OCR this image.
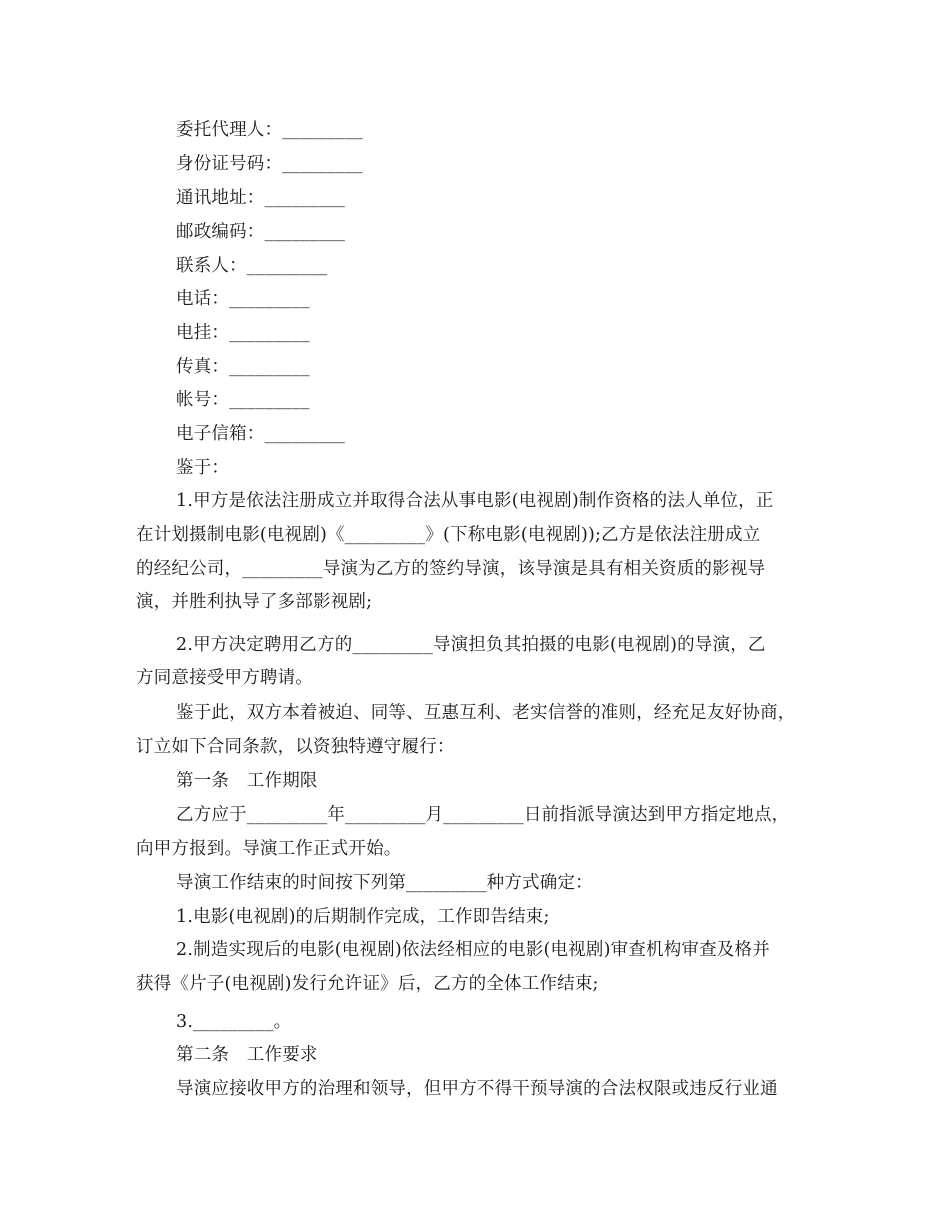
委托代理人：_________
身份证号码：_________
通讯地址：_________
邮政编码：_________
联系人：_________
电话：_________
电挂：_________
传真：_________
帐号：_________
电子信箱：_________
鉴于：
1.甲方是依法注册成立并取得合法从事电影(电视剧)制作资格的法人单位，正
在计划摄制电影(电视剧)《_________》(下称电影(电视剧));乙方是依法注册成立
的经纪公司，_________导演为乙方的签约导演，该导演是具有相关资质的影视导
演，并胜利执导了多部影视剧;
2.甲方决定聘用乙方的_________导演担负其拍摄的电影(电视剧)的导演，乙
方同意接受甲方聘请。
鉴于此，双方本着被迫、同等、互惠互利、老实信誉的准则，经充足友好协商，
订立如下合同条款，以资独特遵守履行：
第一条　工作期限
乙方应于_________年_________月_________日前指派导演达到甲方指定地点，
向甲方报到。导演工作正式开始。
导演工作结束的时间按下列第_________种方式确定：
1.电影(电视剧)的后期制作完成，工作即告结束;
2.制造实现后的电影(电视剧)依法经相应的电影(电视剧)审查机构审查及格并
获得《片子(电视剧)发行允许证》后，乙方的全体工作结束;
3._________。
第二条　工作要求
导演应接收甲方的治理和领导，但甲方不得干预导演的合法权限或违反行业通
